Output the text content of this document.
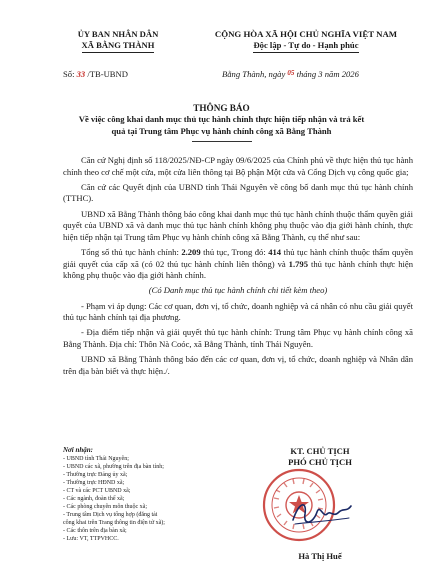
ỦY BAN NHÂN DÂN
XÃ BẰNG THÀNH
CỘNG HÒA XÃ HỘI CHỦ NGHĨA VIỆT NAM
Độc lập - Tự do - Hạnh phúc
Số: 33 /TB-UBND	Bằng Thành, ngày $^{05}$ tháng 3 năm 2026
THÔNG BÁO
Về việc công khai danh mục thủ tục hành chính thực hiện tiếp nhận và trả kết
quả tại Trung tâm Phục vụ hành chính công xã Bằng Thành

Căn cứ Nghị định số 118/2025/NĐ-CP ngày 09/6/2025 của Chính phủ về thực hiện thủ tục hành chính theo cơ chế một cửa, một cửa liên thông tại Bộ phận Một cửa và Cổng Dịch vụ công quốc gia;

Căn cứ các Quyết định của UBND tỉnh Thái Nguyên về công bố danh mục thủ tục hành chính (TTHC).

UBND xã Bằng Thành thông báo công khai danh mục thủ tục hành chính thuộc thẩm quyền giải quyết của UBND xã và danh mục thủ tục hành chính không phụ thuộc vào địa giới hành chính, thực hiện tiếp nhận tại Trung tâm Phục vụ hành chính công xã Bằng Thành, cụ thể như sau:

Tổng số thủ tục hành chính: 2.209 thủ tục, Trong đó: 414 thủ tục hành chính thuộc thẩm quyền giải quyết của cấp xã (có 02 thủ tục hành chính liên thông) và 1.795 thủ tục hành chính thực hiện không phụ thuộc vào địa giới hành chính.

(Có Danh mục thủ tục hành chính chi tiết kèm theo)

- Phạm vi áp dụng: Các cơ quan, đơn vị, tổ chức, doanh nghiệp và cá nhân có nhu cầu giải quyết thủ tục hành chính tại địa phương.

- Địa điểm tiếp nhận và giải quyết thủ tục hành chính: Trung tâm Phục vụ hành chính công xã Bằng Thành. Địa chỉ: Thôn Nà Coóc, xã Bằng Thành, tỉnh Thái Nguyên.

UBND xã Bằng Thành thông báo đến các cơ quan, đơn vị, tổ chức, doanh nghiệp và Nhân dân trên địa bàn biết và thực hiện./.

Nơi nhận:
- UBND tỉnh Thái Nguyên;
- UBND các xã, phường trên địa bàn tỉnh;
- Thường trực Đảng ủy xã;
- Thường trực HĐND xã;
- CT và các PCT UBND xã;
- Các ngành, đoàn thể xã;
- Các phòng chuyên môn thuộc xã;
- Trung tâm Dịch vụ tổng hợp (đăng tải
công khai trên Trang thông tin điện tử xã);
- Các thôn trên địa bàn xã;
- Lưu: VT, TTPVHCC.
KT. CHỦ TỊCH
PHÓ CHỦ TỊCH
Hà Thị Huế
